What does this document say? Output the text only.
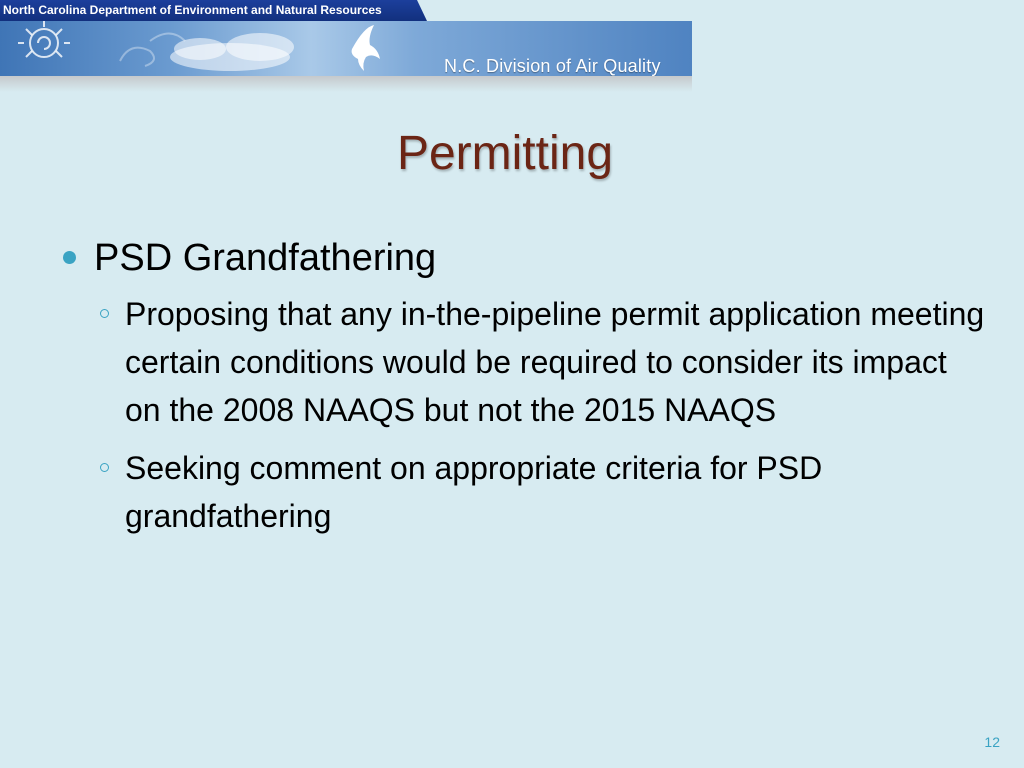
North Carolina Department of Environment and Natural Resources
N.C. Division of Air Quality
Permitting
PSD Grandfathering
Proposing that any in-the-pipeline permit application meeting certain conditions would be required to consider its impact on the 2008 NAAQS but not the 2015 NAAQS
Seeking comment on appropriate criteria for PSD grandfathering
12
